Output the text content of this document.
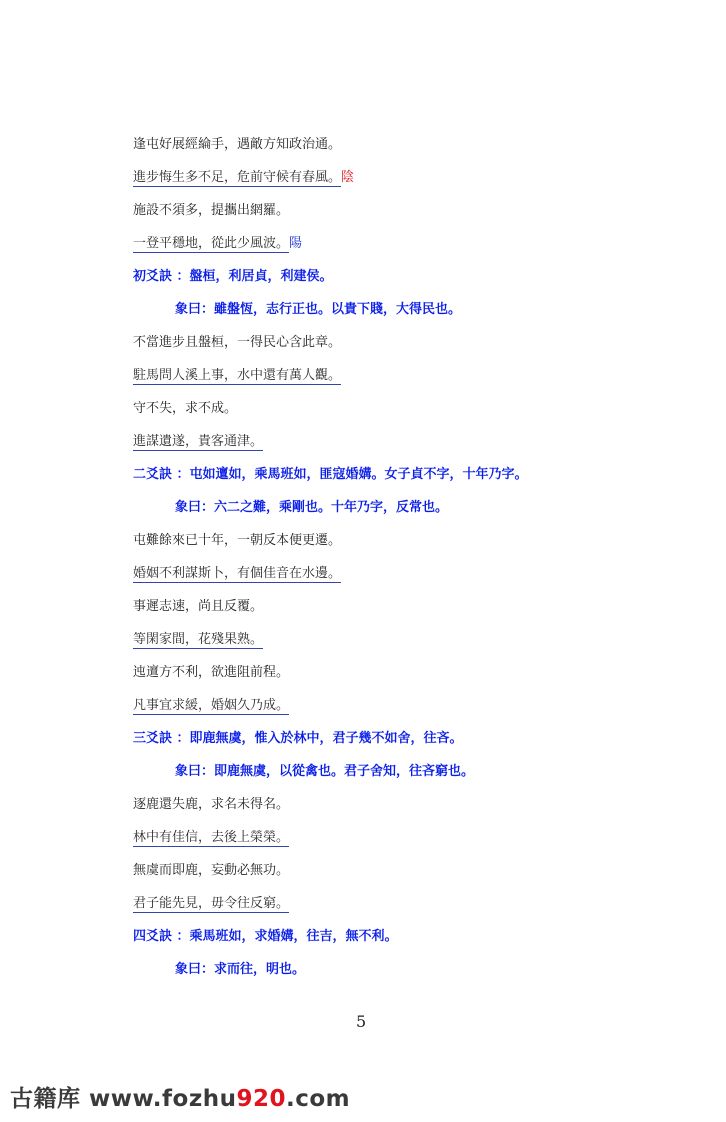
逢屯好展經綸手，遇敵方知政治通。
進步悔生多不足，危前守候有春風。陰
施設不須多，提攜出網羅。
一登平穩地，從此少風波。陽
初爻訣 ：盤桓，利居貞，利建侯。
象曰：雖盤恆，志行正也。以貴下賤，大得民也。
不當進步且盤桓，一得民心含此章。
駐馬問人溪上事，水中還有萬人觀。
守不失，求不成。
進謀遺遂，貴客通津。
二爻訣 ：屯如邅如，乘馬班如，匪寇婚媾。女子貞不字，十年乃字。
象曰：六二之難，乘剛也。十年乃字，反常也。
屯難餘來已十年，一朝反本便更遷。
婚姻不利謀斯卜，有個佳音在水邊。
事遲志速，尚且反覆。
等閑家間，花殘果熟。
迍邅方不利，欲進阻前程。
凡事宜求緩，婚姻久乃成。
三爻訣 ：即鹿無虞，惟入於林中，君子幾不如舍，往吝。
象曰：即鹿無虞，以從禽也。君子舍知，往吝窮也。
逐鹿還失鹿，求名未得名。
林中有佳信，去後上榮榮。
無虞而即鹿，妄動必無功。
君子能先見，毋令往反窮。
四爻訣 ：乘馬班如，求婚媾，往吉，無不利。
象曰：求而往，明也。
5
古籍库 www.fozhu920.com
